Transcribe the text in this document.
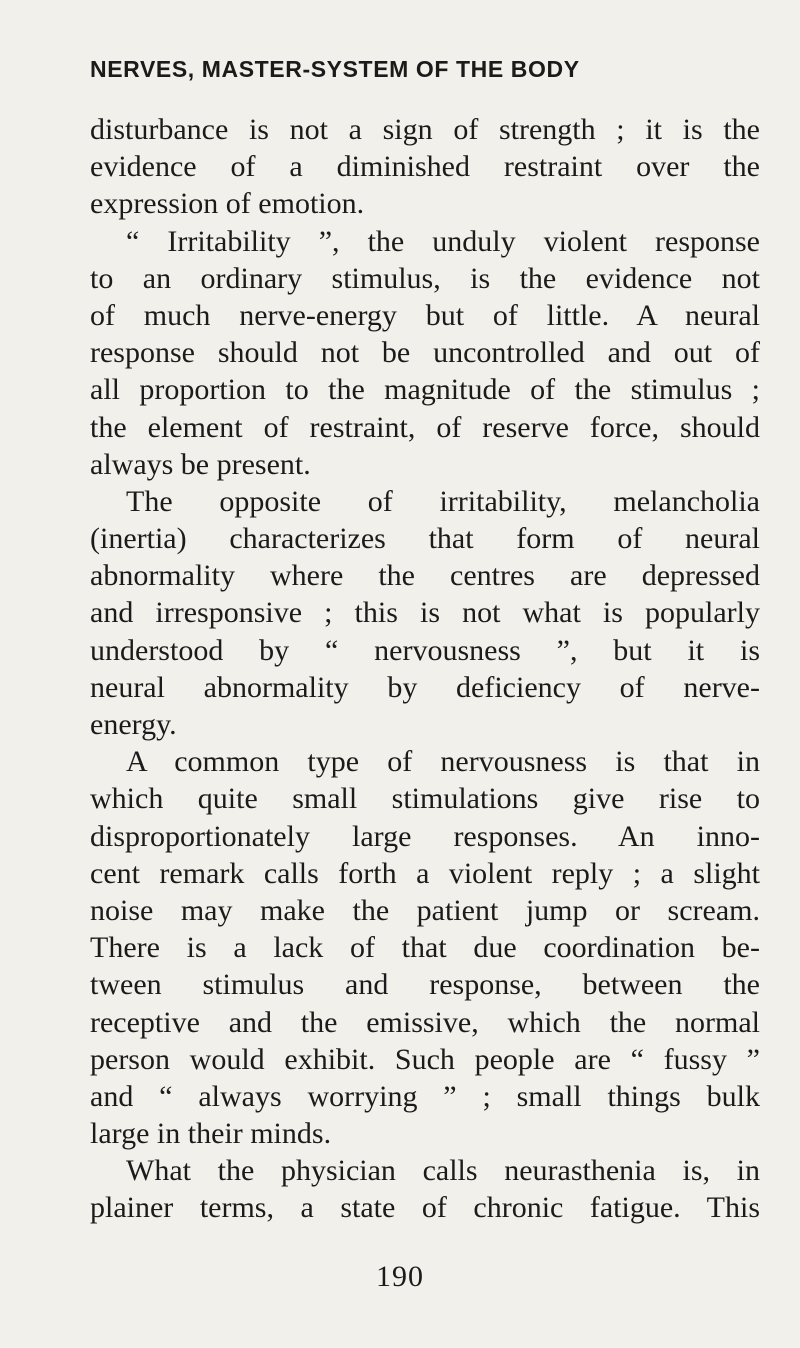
NERVES, MASTER-SYSTEM OF THE BODY
disturbance is not a sign of strength ; it is the
evidence of a diminished restraint over the
expression of emotion.
“ Irritability ”, the unduly violent response
to an ordinary stimulus, is the evidence not
of much nerve-energy but of little. A neural
response should not be uncontrolled and out of
all proportion to the magnitude of the stimulus ;
the element of restraint, of reserve force, should
always be present.
The opposite of irritability, melancholia
(inertia) characterizes that form of neural
abnormality where the centres are depressed
and irresponsive ; this is not what is popularly
understood by “ nervousness ”, but it is
neural abnormality by deficiency of nerve-
energy.
A common type of nervousness is that in
which quite small stimulations give rise to
disproportionately large responses. An inno-
cent remark calls forth a violent reply ; a slight
noise may make the patient jump or scream.
There is a lack of that due coordination be-
tween stimulus and response, between the
receptive and the emissive, which the normal
person would exhibit. Such people are “ fussy ”
and “ always worrying ” ; small things bulk
large in their minds.
What the physician calls neurasthenia is, in
plainer terms, a state of chronic fatigue. This
190
